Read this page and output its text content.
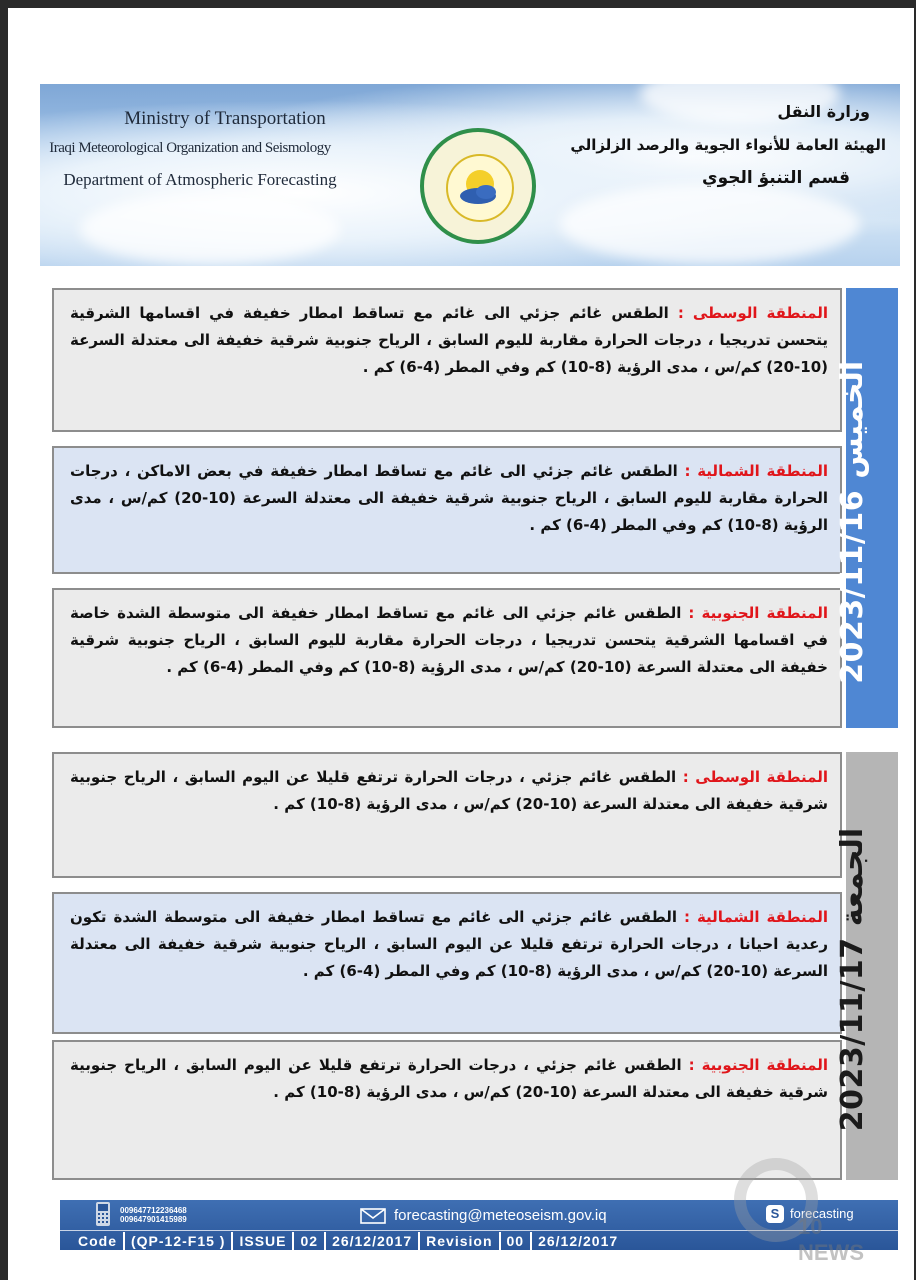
Ministry of Transportation
Iraqi Meteorological Organization and Seismology
Department of Atmospheric Forecasting
وزارة النقل
الهيئة العامة للأنواء الجوية والرصد الزلزالي
قسم التنبؤ الجوي
المنطقة الوسطى : الطقس غائم جزئي الى غائم مع تساقط امطار خفيفة في اقسامها الشرقية يتحسن تدريجيا ، درجات الحرارة مقاربة لليوم السابق ، الرياح جنوبية شرقية خفيفة الى معتدلة السرعة (10-20) كم/س ، مدى الرؤية (8-10) كم وفي المطر (4-6) كم .
المنطقة الشمالية : الطقس غائم جزئي الى غائم مع تساقط امطار خفيفة في بعض الاماكن ، درجات الحرارة مقاربة لليوم السابق ، الرياح جنوبية شرقية خفيفة الى معتدلة السرعة (10-20) كم/س ، مدى الرؤية (8-10) كم وفي المطر (4-6) كم .
المنطقة الجنوبية : الطقس غائم جزئي الى غائم مع تساقط امطار خفيفة الى متوسطة الشدة خاصة في اقسامها الشرقية يتحسن تدريجيا ، درجات الحرارة مقاربة لليوم السابق ، الرياح جنوبية شرقية خفيفة الى معتدلة السرعة (10-20) كم/س ، مدى الرؤية (8-10) كم وفي المطر (4-6) كم . 2023/11/16 الخميس
المنطقة الوسطى : الطقس غائم جزئي ، درجات الحرارة ترتفع قليلا عن اليوم السابق ، الرياح جنوبية شرقية خفيفة الى معتدلة السرعة (10-20) كم/س ، مدى الرؤية (8-10) كم .
المنطقة الشمالية : الطقس غائم جزئي الى غائم مع تساقط امطار خفيفة الى متوسطة الشدة تكون رعدية احيانا ، درجات الحرارة ترتفع قليلا عن اليوم السابق ، الرياح جنوبية شرقية خفيفة الى معتدلة السرعة (10-20) كم/س ، مدى الرؤية (8-10) كم وفي المطر (4-6) كم .
المنطقة الجنوبية : الطقس غائم جزئي ، درجات الحرارة ترتفع قليلا عن اليوم السابق ، الرياح جنوبية شرقية خفيفة الى معتدلة السرعة (10-20) كم/س ، مدى الرؤية (8-10) كم . 2023/11/17 الجمعة
009647712236468
009647901415989	forecasting@meteoseism.gov.iq	S forecasting
Code	(QP-12-F15 )	ISSUE	02	26/12/2017	Revision	00	26/12/2017
10 NEWS
